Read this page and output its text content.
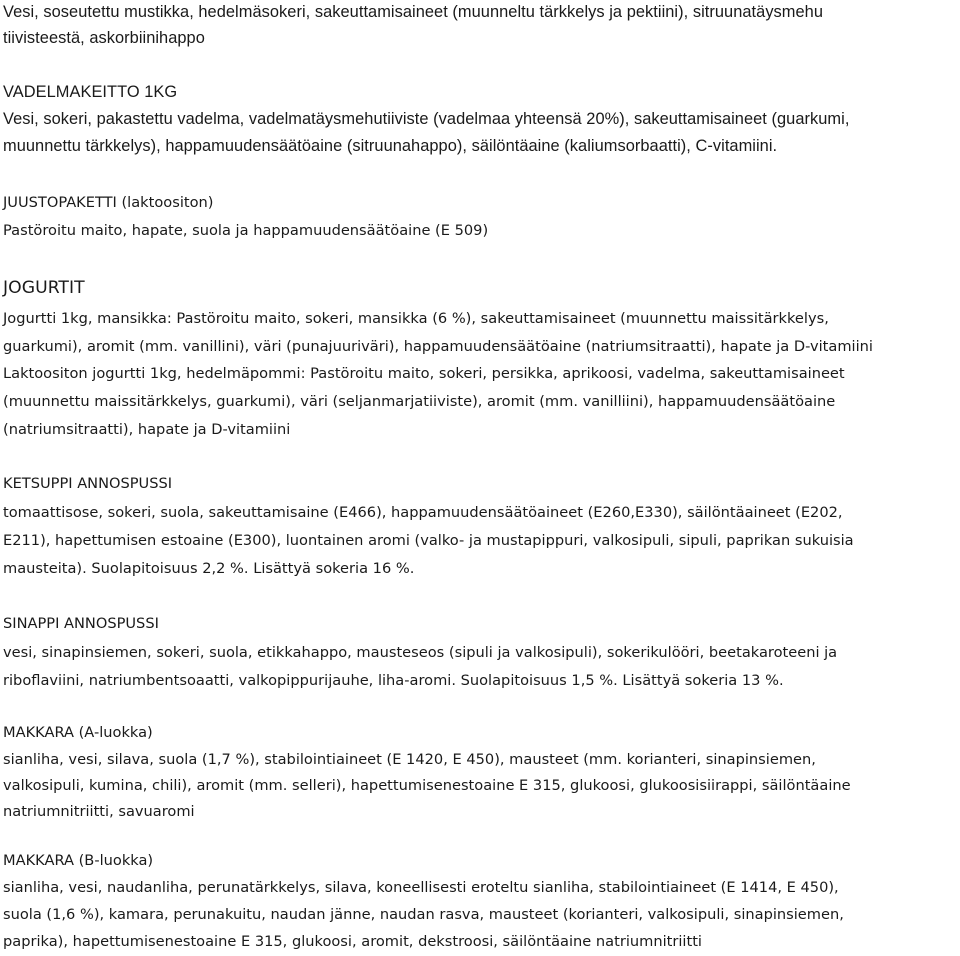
Vesi, soseutettu mustikka, hedelmäsokeri, sakeuttamisaineet (muunneltu tärkkelys ja pektiini), sitruunatäysmehu
tiivisteestä, askorbiinihappo
VADELMAKEITTO 1KG
Vesi, sokeri, pakastettu vadelma, vadelmatäysmehutiiviste (vadelmaa yhteensä 20%), sakeuttamisaineet (guarkumi,
muunnettu tärkkelys), happamuudensäätöaine (sitruunahappo), säilöntäaine (kaliumsorbaatti), C-vitamiini.
JUUSTOPAKETTI (laktoositon)
Pastöroitu maito, hapate, suola ja happamuudensäätöaine (E 509)
JOGURTIT
Jogurtti 1kg, mansikka: Pastöroitu maito, sokeri, mansikka (6 %), sakeuttamisaineet (muunnettu maissitärkkelys,
guarkumi), aromit (mm. vanillini), väri (punajuuriväri), happamuudensäätöaine (natriumsitraatti), hapate ja D-vitamiini
Laktoositon jogurtti 1kg, hedelmäpommi: Pastöroitu maito, sokeri, persikka, aprikoosi, vadelma, sakeuttamisaineet
(muunnettu maissitärkkelys, guarkumi), väri (seljanmarjatiiviste), aromit (mm. vanilliini), happamuudensäätöaine
(natriumsitraatti), hapate ja D-vitamiini
KETSUPPI ANNOSPUSSI
tomaattisose, sokeri, suola, sakeuttamisaine (E466), happamuudensäätöaineet (E260,E330), säilöntäaineet (E202,
E211), hapettumisen estoaine (E300), luontainen aromi (valko- ja mustapippuri, valkosipuli, sipuli, paprikan sukuisia
mausteita). Suolapitoisuus 2,2 %. Lisättyä sokeria 16 %.
SINAPPI ANNOSPUSSI
vesi, sinapinsiemen, sokeri, suola, etikkahappo, mausteseos (sipuli ja valkosipuli), sokerikulööri, beetakaroteeni ja
riboflaviini, natriumbentsoaatti, valkopippurijauhe, liha-aromi. Suolapitoisuus 1,5 %. Lisättyä sokeria 13 %.
MAKKARA (A-luokka)
sianliha, vesi, silava, suola (1,7 %), stabilointiaineet (E 1420, E 450), mausteet (mm. korianteri, sinapinsiemen,
valkosipuli, kumina, chili), aromit (mm. selleri), hapettumisenestoaine E 315, glukoosi, glukoosisiirappi, säilöntäaine
natriumnitriitti, savuaromi
MAKKARA (B-luokka)
sianliha, vesi, naudanliha, perunatärkkelys, silava, koneellisesti eroteltu sianliha, stabilointiaineet (E 1414, E 450),
suola (1,6 %), kamara, perunakuitu, naudan jänne, naudan rasva, mausteet (korianteri, valkosipuli, sinapinsiemen,
paprika), hapettumisenestoaine E 315, glukoosi, aromit, dekstroosi, säilöntäaine natriumnitriitti
